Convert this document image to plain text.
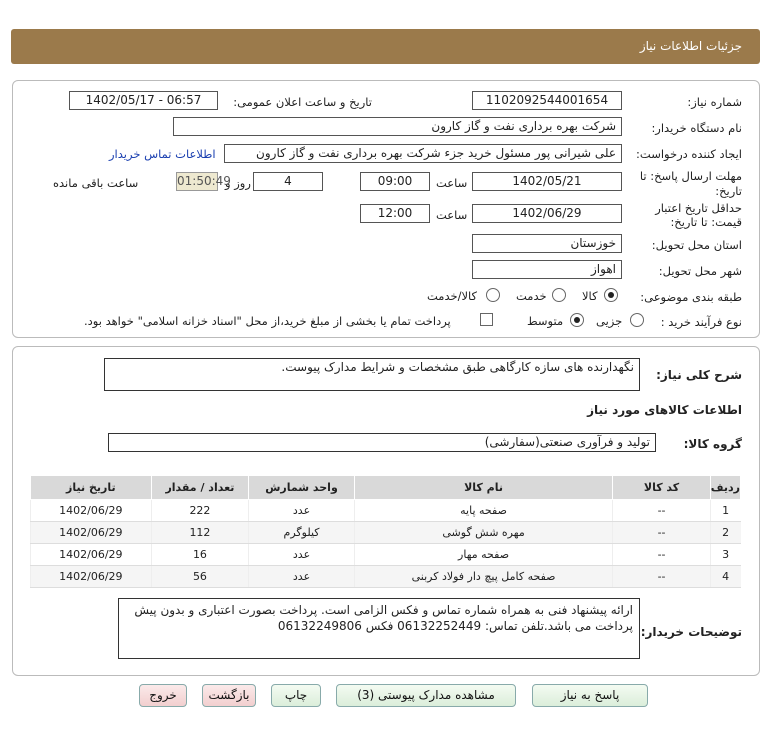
جزئیات اطلاعات نیاز
شماره نیاز:
1102092544001654
تاریخ و ساعت اعلان عمومی:
1402/05/17 - 06:57
نام دستگاه خریدار:
شرکت بهره برداری نفت و گاز کارون
ایجاد کننده درخواست:
علی شیرانی پور مسئول خرید جزء شرکت بهره برداری نفت و گاز کارون
اطلاعات تماس خریدار
مهلت ارسال پاسخ: تا
تاریخ:
1402/05/21
ساعت
09:00
4
روز و
01:50:49
ساعت باقی مانده
حداقل تاریخ اعتبار
قیمت: تا تاریخ:
1402/06/29
ساعت
12:00
استان محل تحویل:
خوزستان
شهر محل تحویل:
اهواز
طبقه بندی موضوعی:
کالا
خدمت
کالا/خدمت
نوع فرآیند خرید :
جزیی
متوسط
پرداخت تمام یا بخشی از مبلغ خرید،از محل "اسناد خزانه اسلامی" خواهد بود.
شرح کلی نیاز:
نگهدارنده های سازه کارگاهی طبق مشخصات و شرایط مدارک پیوست.
اطلاعات کالاهای مورد نیاز
گروه کالا:
تولید و فرآوری صنعتی(سفارشی)
ردیف	کد کالا	نام کالا	واحد شمارش	تعداد / مقدار	تاریخ نیاز
1	--	صفحه پایه	عدد	222	1402/06/29
2	--	مهره شش گوشی	کیلوگرم	112	1402/06/29
3	--	صفحه مهار	عدد	16	1402/06/29
4	--	صفحه کامل پیچ دار فولاد کربنی	عدد	56	1402/06/29
توضیحات خریدار:
ارائه پیشنهاد فنی به همراه شماره تماس و فکس الزامی است. پرداخت بصورت اعتباری و بدون پیش پرداخت می باشد.تلفن تماس: 06132252449 فکس 06132249806
پاسخ به نیاز
مشاهده مدارک پیوستی (3)
چاپ
بازگشت
خروج
